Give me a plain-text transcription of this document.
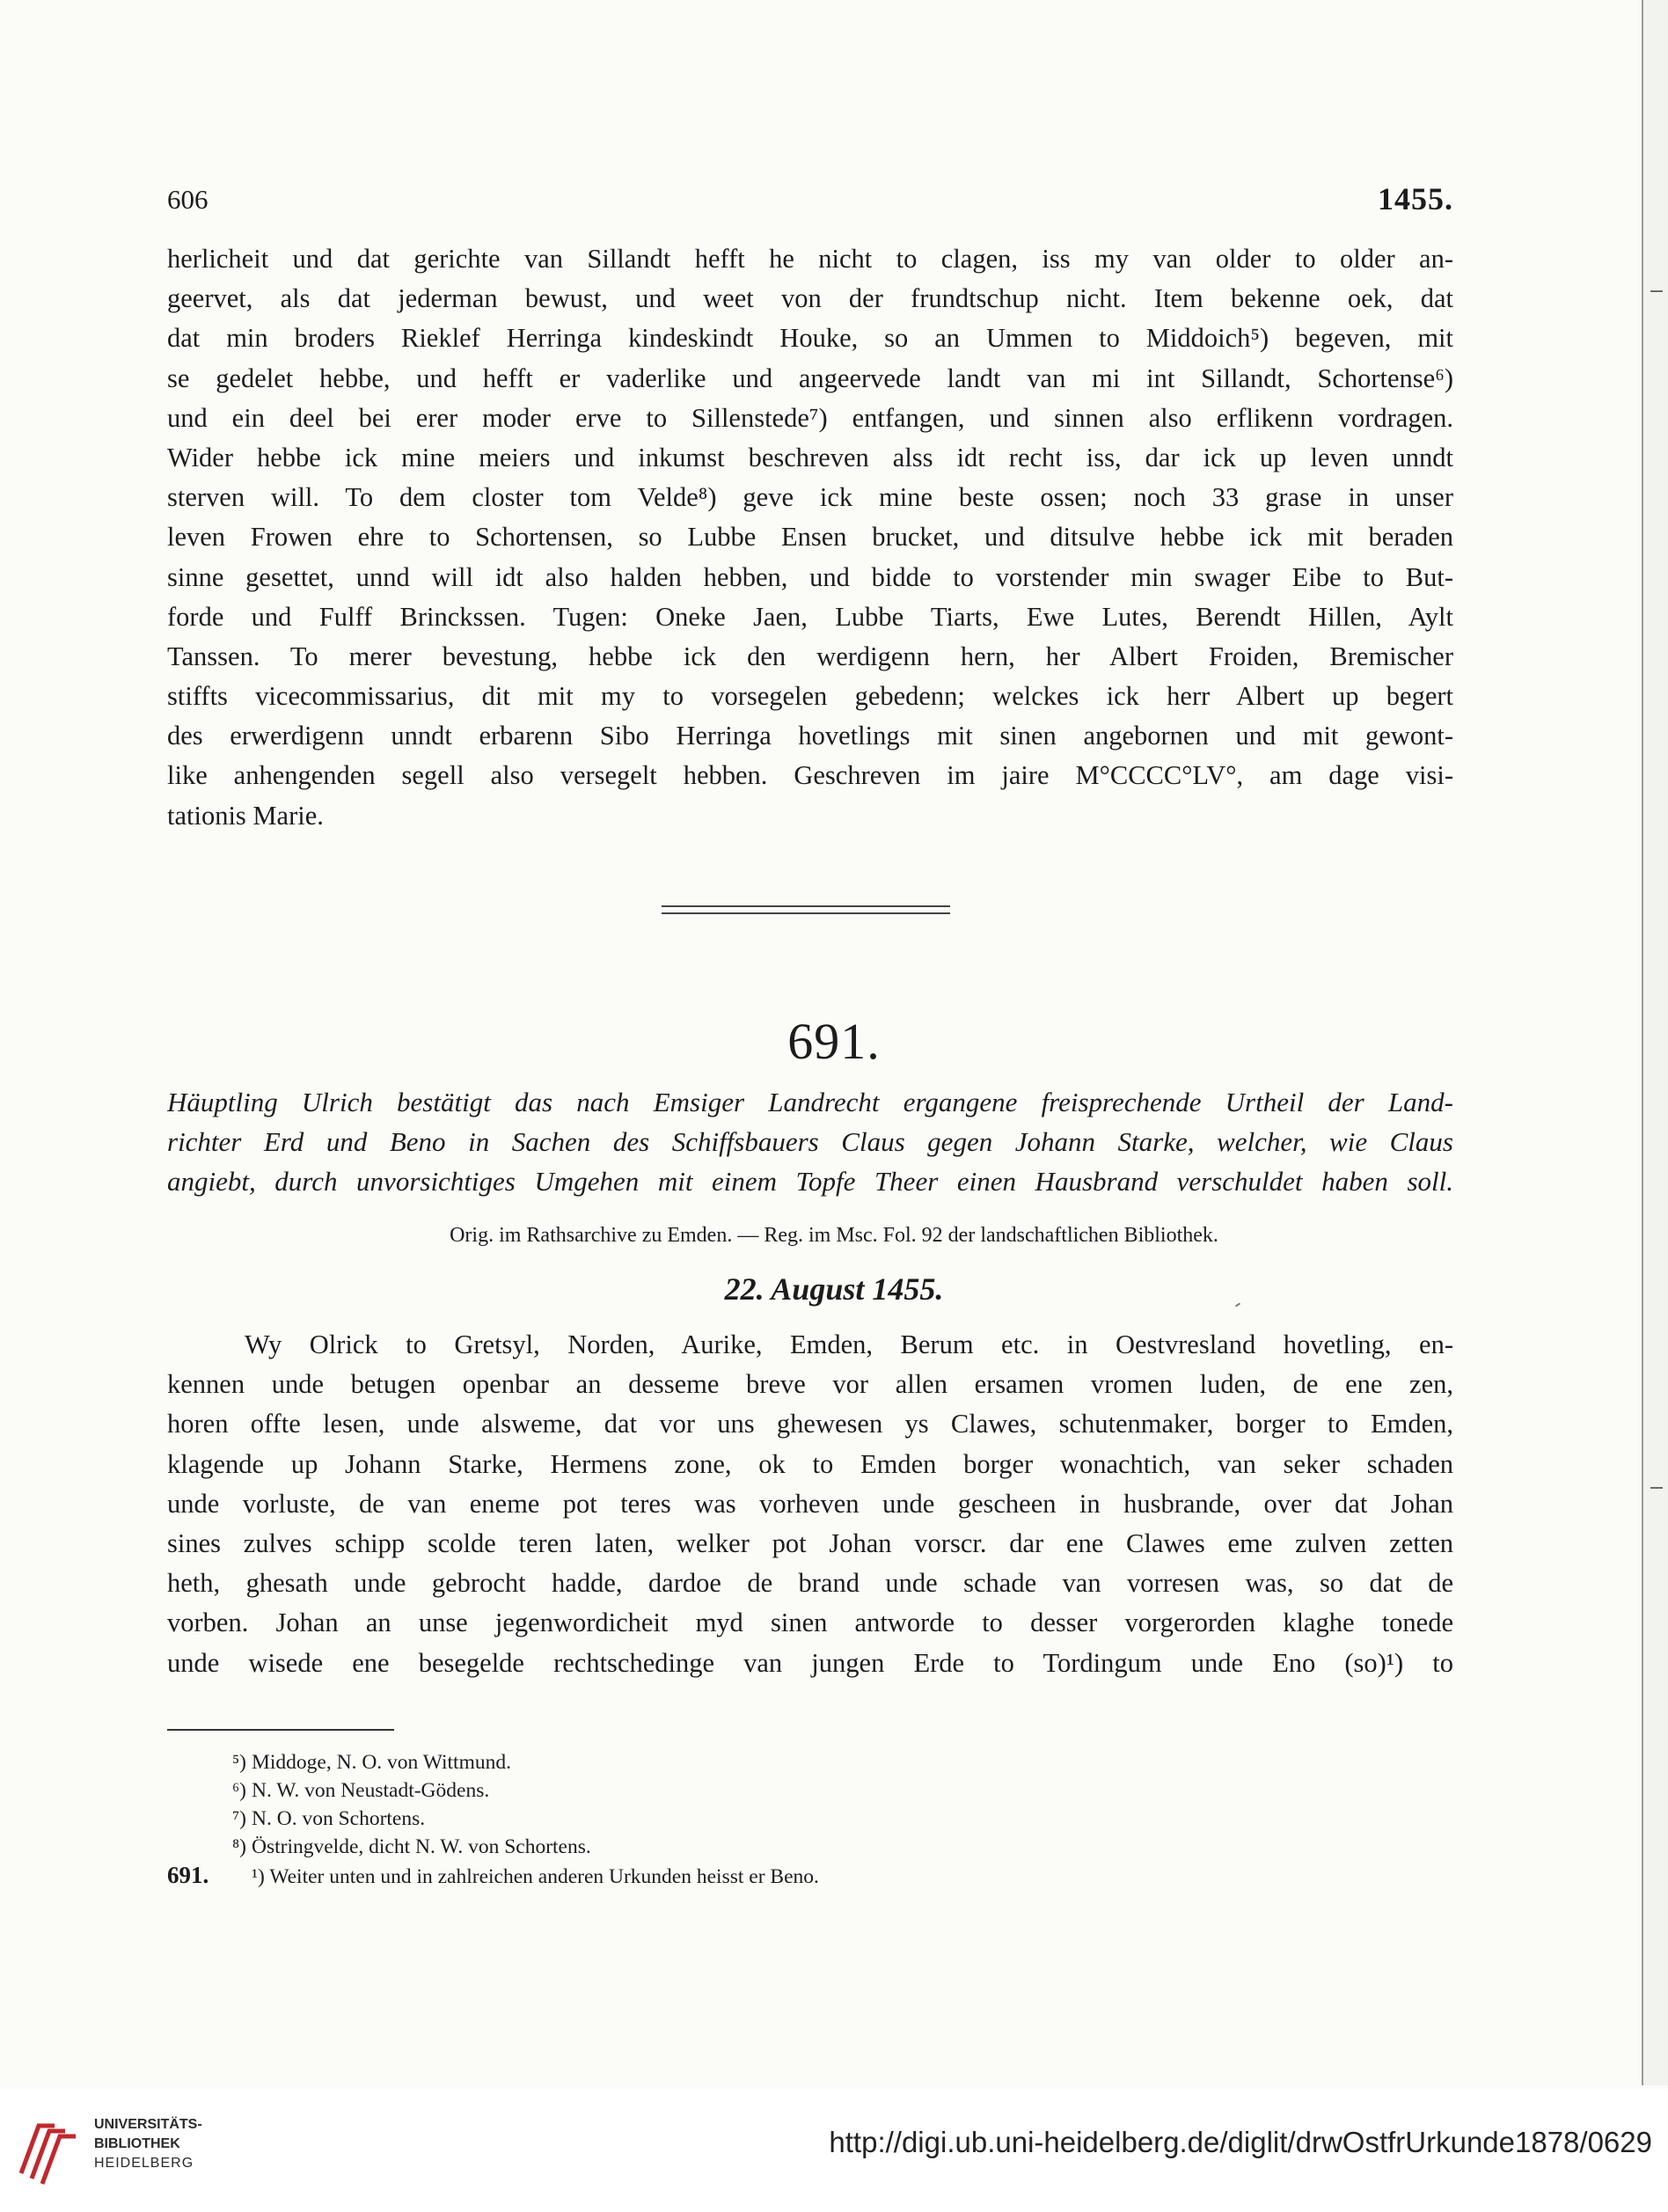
606	1455.
herlicheit und dat gerichte van Sillandt hefft he nicht to clagen, iss my van older to older an-
geervet, als dat jederman bewust, und weet von der frundtschup nicht. Item bekenne oek, dat
dat min broders Rieklef Herringa kindeskindt Houke, so an Ummen to Middoich⁵) begeven, mit
se gedelet hebbe, und hefft er vaderlike und angeervede landt van mi int Sillandt, Schortense⁶)
und ein deel bei erer moder erve to Sillenstede⁷) entfangen, und sinnen also erflikenn vordragen.
Wider hebbe ick mine meiers und inkumst beschreven alss idt recht iss, dar ick up leven unndt
sterven will. To dem closter tom Velde⁸) geve ick mine beste ossen; noch 33 grase in unser
leven Frowen ehre to Schortensen, so Lubbe Ensen brucket, und ditsulve hebbe ick mit beraden
sinne gesettet, unnd will idt also halden hebben, und bidde to vorstender min swager Eibe to But-
forde und Fulff Brinckssen. Tugen: Oneke Jaen, Lubbe Tiarts, Ewe Lutes, Berendt Hillen, Aylt
Tanssen. To merer bevestung, hebbe ick den werdigenn hern, her Albert Froiden, Bremischer
stiffts vicecommissarius, dit mit my to vorsegelen gebedenn; welckes ick herr Albert up begert
des erwerdigenn unndt erbarenn Sibo Herringa hovetlings mit sinen angebornen und mit gewont-
like anhengenden segell also versegelt hebben. Geschreven im jaire M°CCCC°LV°, am dage visi-
tationis Marie.
691.
Häuptling Ulrich bestätigt das nach Emsiger Landrecht ergangene freisprechende Urtheil der Land-
richter Erd und Beno in Sachen des Schiffsbauers Claus gegen Johann Starke, welcher, wie Claus
angiebt, durch unvorsichtiges Umgehen mit einem Topfe Theer einen Hausbrand verschuldet haben soll.
Orig. im Rathsarchive zu Emden. — Reg. im Msc. Fol. 92 der landschaftlichen Bibliothek.
22. August 1455.
Wy Olrick to Gretsyl, Norden, Aurike, Emden, Berum etc. in Oestvresland hovetling, en-
kennen unde betugen openbar an desseme breve vor allen ersamen vromen luden, de ene zen,
horen offte lesen, unde alsweme, dat vor uns ghewesen ys Clawes, schutenmaker, borger to Emden,
klagende up Johann Starke, Hermens zone, ok to Emden borger wonachtich, van seker schaden
unde vorluste, de van eneme pot teres was vorheven unde gescheen in husbrande, over dat Johan
sines zulves schipp scolde teren laten, welker pot Johan vorscr. dar ene Clawes eme zulven zetten
heth, ghesath unde gebrocht hadde, dardoe de brand unde schade van vorresen was, so dat de
vorben. Johan an unse jegenwordicheit myd sinen antworde to desser vorgerorden klaghe tonede
unde wisede ene besegelde rechtschedinge van jungen Erde to Tordingum unde Eno (so)¹) to
⁵) Middoge, N. O. von Wittmund.
⁶) N. W. von Neustadt-Gödens.
⁷) N. O. von Schortens.
⁸) Östringvelde, dicht N. W. von Schortens.
691. ¹) Weiter unten und in zahlreichen anderen Urkunden heisst er Beno.
UNIVERSITÄTS-
BIBLIOTHEK
HEIDELBERG
http://digi.ub.uni-heidelberg.de/diglit/drwOstfrUrkunde1878/0629
